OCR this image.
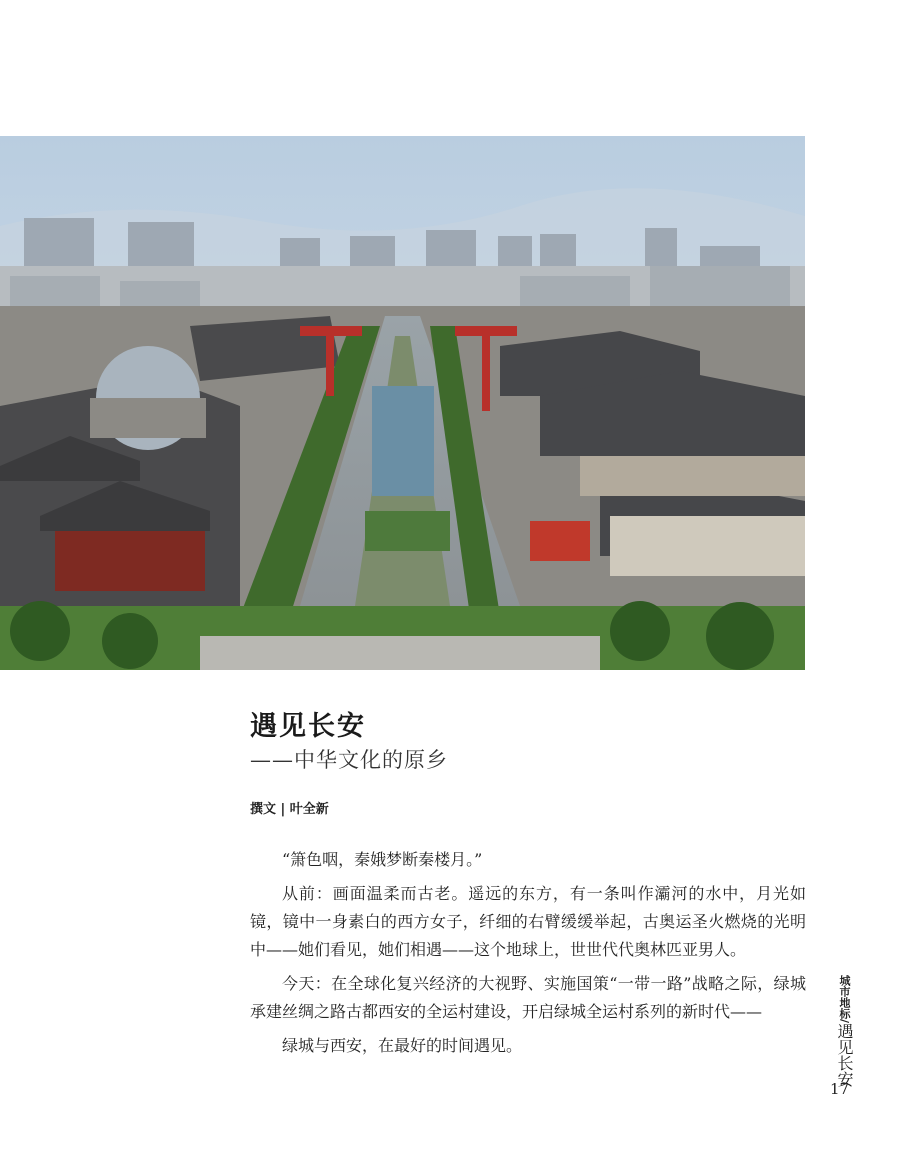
遇见长安
——中华文化的原乡
撰文 | 叶全新

“箫色咽，秦娥梦断秦楼月。”

从前：画面温柔而古老。遥远的东方，有一条叫作灞河的水中，月光如镜，镜中一身素白的西方女子，纤细的右臂缓缓举起，古奥运圣火燃烧的光明中——她们看见，她们相遇——这个地球上，世世代代奥林匹亚男人。

今天：在全球化复兴经济的大视野、实施国策“一带一路”战略之际，绿城承建丝绸之路古都西安的全运村建设，开启绿城全运村系列的新时代——

绿城与西安，在最好的时间遇见。

城市地标/遇见长安
17
